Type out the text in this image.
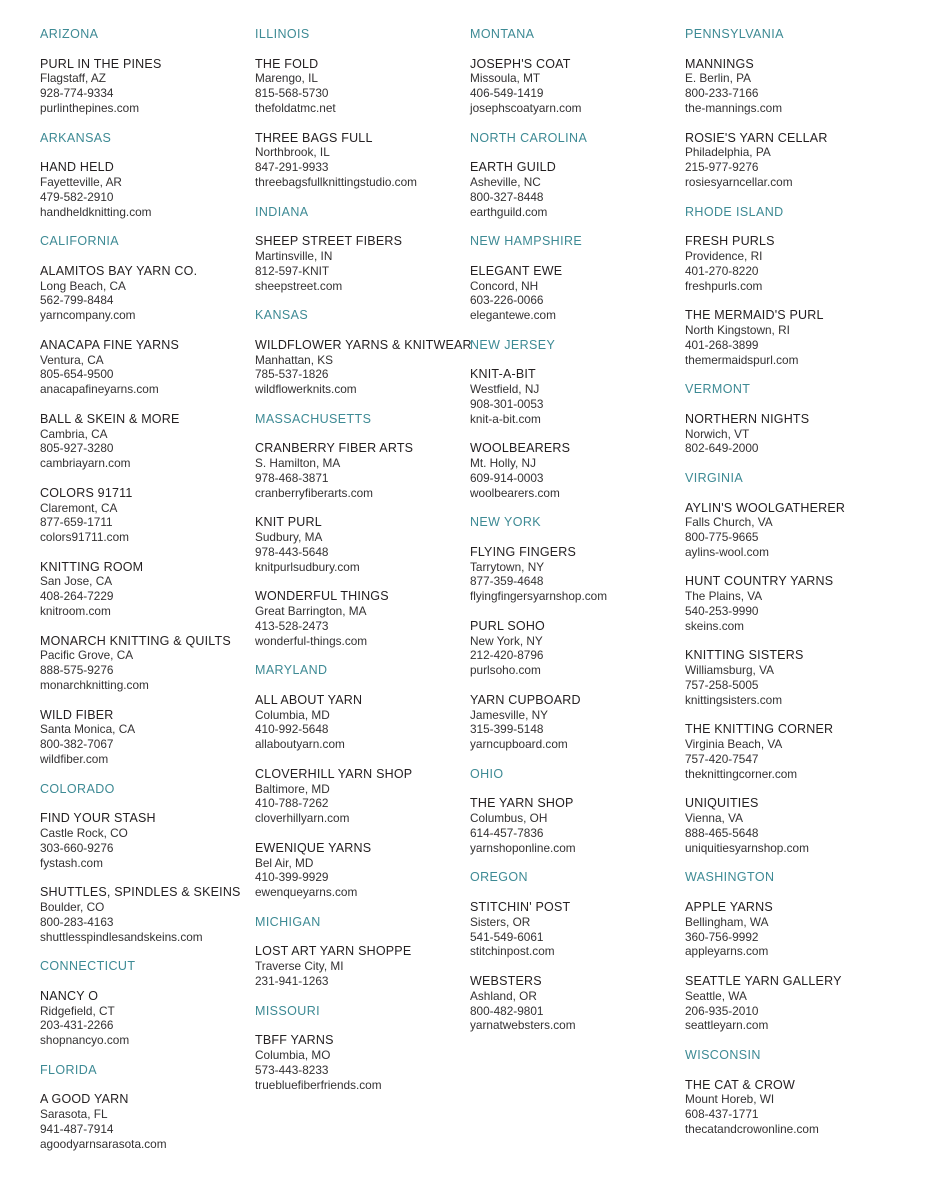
ARIZONA
PURL IN THE PINES
Flagstaff, AZ
928-774-9334
purlinthepines.com
ARKANSAS
HAND HELD
Fayetteville, AR
479-582-2910
handheldknitting.com
CALIFORNIA
ALAMITOS BAY YARN CO.
Long Beach, CA
562-799-8484
yarncompany.com
ANACAPA FINE YARNS
Ventura, CA
805-654-9500
anacapafineyarns.com
BALL & SKEIN & MORE
Cambria, CA
805-927-3280
cambriayarn.com
COLORS 91711
Claremont, CA
877-659-1711
colors91711.com
KNITTING ROOM
San Jose, CA
408-264-7229
knitroom.com
MONARCH KNITTING & QUILTS
Pacific Grove, CA
888-575-9276
monarchknitting.com
WILD FIBER
Santa Monica, CA
800-382-7067
wildfiber.com
COLORADO
FIND YOUR STASH
Castle Rock, CO
303-660-9276
fystash.com
SHUTTLES, SPINDLES & SKEINS
Boulder, CO
800-283-4163
shuttlesspindlesandskeins.com
CONNECTICUT
NANCY O
Ridgefield, CT
203-431-2266
shopnancyo.com
FLORIDA
A GOOD YARN
Sarasota, FL
941-487-7914
agoodyarnsarasota.com
ILLINOIS
THE FOLD
Marengo, IL
815-568-5730
thefoldatmc.net
THREE BAGS FULL
Northbrook, IL
847-291-9933
threebagsfullknittingstudio.com
INDIANA
SHEEP STREET FIBERS
Martinsville, IN
812-597-KNIT
sheepstreet.com
KANSAS
WILDFLOWER YARNS & KNITWEAR
Manhattan, KS
785-537-1826
wildflowerknits.com
MASSACHUSETTS
CRANBERRY FIBER ARTS
S. Hamilton, MA
978-468-3871
cranberryfiberarts.com
KNIT PURL
Sudbury, MA
978-443-5648
knitpurlsudbury.com
WONDERFUL THINGS
Great Barrington, MA
413-528-2473
wonderful-things.com
MARYLAND
ALL ABOUT YARN
Columbia, MD
410-992-5648
allaboutyarn.com
CLOVERHILL YARN SHOP
Baltimore, MD
410-788-7262
cloverhillyarn.com
EWENIQUE YARNS
Bel Air, MD
410-399-9929
ewenqueyarns.com
MICHIGAN
LOST ART YARN SHOPPE
Traverse City, MI
231-941-1263
MISSOURI
TBFF YARNS
Columbia, MO
573-443-8233
truebluefiberfriends.com
MONTANA
JOSEPH'S COAT
Missoula, MT
406-549-1419
josephscoatyarn.com
NORTH CAROLINA
EARTH GUILD
Asheville, NC
800-327-8448
earthguild.com
NEW HAMPSHIRE
ELEGANT EWE
Concord, NH
603-226-0066
elegantewe.com
NEW JERSEY
KNIT-A-BIT
Westfield, NJ
908-301-0053
knit-a-bit.com
WOOLBEARERS
Mt. Holly, NJ
609-914-0003
woolbearers.com
NEW YORK
FLYING FINGERS
Tarrytown, NY
877-359-4648
flyingfingersyarnshop.com
PURL SOHO
New York, NY
212-420-8796
purlsoho.com
YARN CUPBOARD
Jamesville, NY
315-399-5148
yarncupboard.com
OHIO
THE YARN SHOP
Columbus, OH
614-457-7836
yarnshoponline.com
OREGON
STITCHIN' POST
Sisters, OR
541-549-6061
stitchinpost.com
WEBSTERS
Ashland, OR
800-482-9801
yarnatwebsters.com
PENNSYLVANIA
MANNINGS
E. Berlin, PA
800-233-7166
the-mannings.com
ROSIE'S YARN CELLAR
Philadelphia, PA
215-977-9276
rosiesyarncellar.com
RHODE ISLAND
FRESH PURLS
Providence, RI
401-270-8220
freshpurls.com
THE MERMAID'S PURL
North Kingstown, RI
401-268-3899
themermaidspurl.com
VERMONT
NORTHERN NIGHTS
Norwich, VT
802-649-2000
VIRGINIA
AYLIN'S WOOLGATHERER
Falls Church, VA
800-775-9665
aylins-wool.com
HUNT COUNTRY YARNS
The Plains, VA
540-253-9990
skeins.com
KNITTING SISTERS
Williamsburg, VA
757-258-5005
knittingsisters.com
THE KNITTING CORNER
Virginia Beach, VA
757-420-7547
theknittingcorner.com
UNIQUITIES
Vienna, VA
888-465-5648
uniquitiesyarnshop.com
WASHINGTON
APPLE YARNS
Bellingham, WA
360-756-9992
appleyarns.com
SEATTLE YARN GALLERY
Seattle, WA
206-935-2010
seattleyarn.com
WISCONSIN
THE CAT & CROW
Mount Horeb, WI
608-437-1771
thecatandcrowonline.com
